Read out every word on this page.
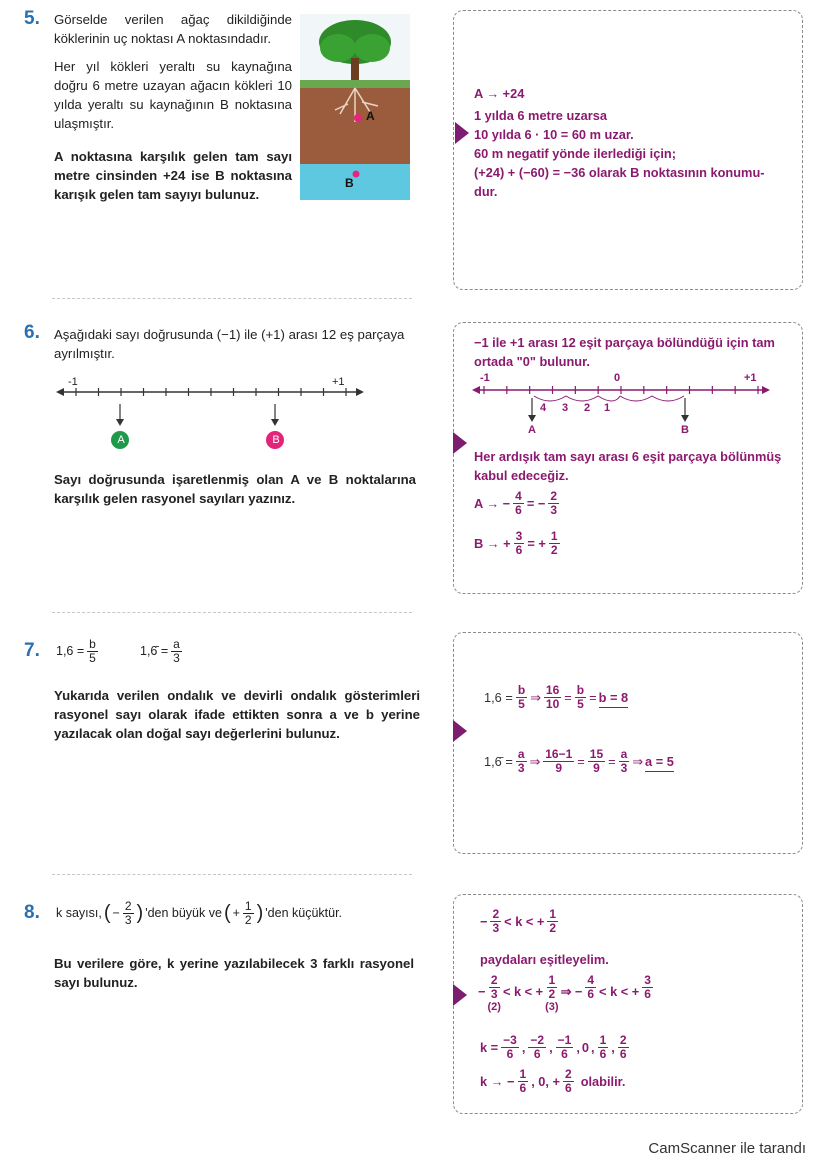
5. Görselde verilen ağaç dikildiğinde köklerinin uç noktası A noktasındadır.
Her yıl kökleri yeraltı su kaynağına doğru 6 metre uzayan ağacın kökleri 10 yılda yeraltı su kaynağının B noktasına ulaşmıştır.
A noktasına karşılık gelen tam sayı metre cinsinden +24 ise B noktasına karışık gelen tam sayıyı bulunuz.
A
B
A → +24
1 yılda 6 metre uzarsa
10 yılda 6 · 10 = 60 m uzar.
60 m negatif yönde ilerlediği için;
(+24) + (−60) = −36 olarak B noktasının konumu-
dur.
6. Aşağıdaki sayı doğrusunda (−1) ile (+1) arası 12 eş parçaya ayrılmıştır.
-1	+1
A	B
Sayı doğrusunda işaretlenmiş olan A ve B noktalarına karşılık gelen rasyonel sayıları yazınız.
−1 ile +1 arası 12 eşit parçaya bölündüğü için tam ortada "0" bulunur.
-1	0	+1
4 3 2 1
A	B
Her ardışık tam sayı arası 6 eşit parçaya bölünmüş kabul edeceğiz.
A → − $\frac{4}{6}$ = − $\frac{2}{3}$
B → + $\frac{3}{6}$ = + $\frac{1}{2}$
7. $1,6 = \frac{b}{5}$	1,6̄ = $\frac{a}{3}$
Yukarıda verilen ondalık ve devirli ondalık gösterimleri rasyonel sayı olarak ifade ettikten sonra a ve b yerine yazılacak olan doğal sayı değerlerini bulunuz.
$1,6 = \frac{b}{5}$ ⇒ $\frac{16}{10} = \frac{b}{5} = b = 8$
1,6̄ = $\frac{a}{3}$ ⇒ $\frac{16-1}{9} = \frac{15}{9} = \frac{a}{3}$ ⇒ a = 5
8. k sayısı, ( − $\frac{2}{3}$ ) 'den büyük ve ( + $\frac{1}{2}$ ) 'den küçüktür.
Bu verilere göre, k yerine yazılabilecek 3 farklı rasyonel sayı bulunuz.
− $\frac{2}{3} < k$ < + $\frac{1}{2}$
paydaları eşitleyelim.
− $\frac{2}{3}$
(2)
< k < + $\frac{1}{2}$
(3)
⇒ − $\frac{4}{6} < k$ < + $\frac{3}{6}$
$k = \frac{-3}{6}$ , $\frac{-2}{6}$ , $\frac{-1}{6}$ , 0 , $\frac{1}{6}$ , $\frac{2}{6}$
k → − $\frac{1}{6}$ , 0, + $\frac{2}{6}$ olabilir.
CamScanner ile tarandı
